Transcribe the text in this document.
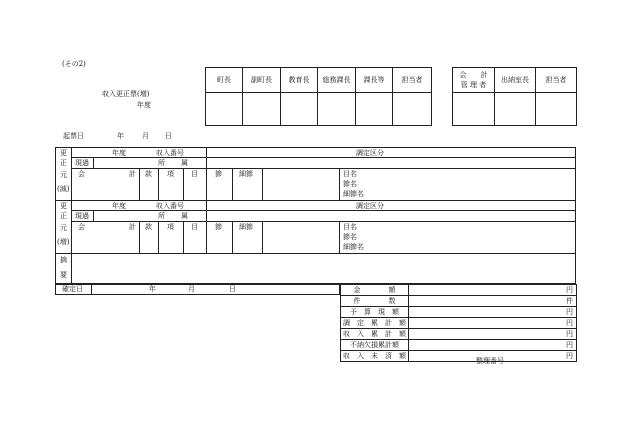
(その2)
収入更正票(増)
年度
町長	副町長	教育長	総務課長	課長等	担当者

会　　計
管 理 者	出納室長	担当者

起票日	年	月 日
更
正
元
(減)
年度	収入番号	調定区分
現過	所 属
会	計 款 項 目 節 細節	目名
節名
細節名
更
正
元
(増)
年度	収入番号	調定区分
現過	所 属
会	計 款 項 目 節 細節	目名
節名
細節名
摘
要
確定日	年	月	日	金　　　　額	円
件　　　　数	件
予　算　現　額	円
調　定　累　計　額	円
収　入　累　計　額	円
不納欠損累計額	円
収　入　未　済　額	円
整理番号
